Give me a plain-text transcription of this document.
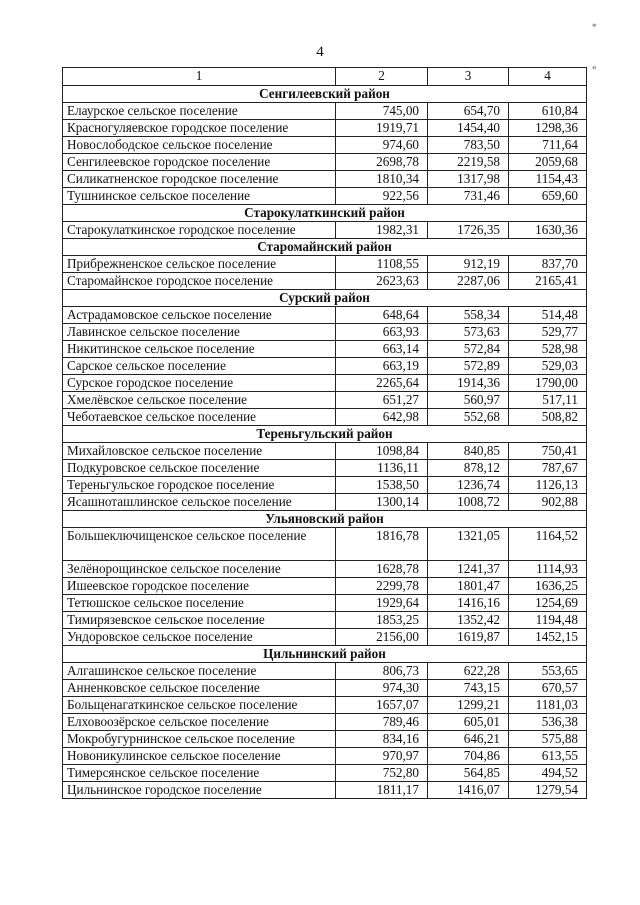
4
*
«
1	2	3	4
Сенгилеевский район			
Елаурское сельское поселение	745,00	654,70	610,84
Красногуляевское городское поселение	1919,71	1454,40	1298,36
Новослободское сельское поселение	974,60	783,50	711,64
Сенгилеевское городское поселение	2698,78	2219,58	2059,68
Силикатненское городское поселение	1810,34	1317,98	1154,43
Тушнинское сельское поселение	922,56	731,46	659,60
Старокулаткинский район			
Старокулаткинское городское поселение	1982,31	1726,35	1630,36
Старомайнский район			
Прибрежненское сельское поселение	1108,55	912,19	837,70
Старомайнское городское поселение	2623,63	2287,06	2165,41
Сурский район			
Астрадамовское сельское поселение	648,64	558,34	514,48
Лавинское сельское поселение	663,93	573,63	529,77
Никитинское сельское поселение	663,14	572,84	528,98
Сарское сельское поселение	663,19	572,89	529,03
Сурское городское поселение	2265,64	1914,36	1790,00
Хмелёвское сельское поселение	651,27	560,97	517,11
Чеботаевское сельское поселение	642,98	552,68	508,82
Тереньгульский район			
Михайловское сельское поселение	1098,84	840,85	750,41
Подкуровское сельское поселение	1136,11	878,12	787,67
Тереньгульское городское поселение	1538,50	1236,74	1126,13
Ясашноташлинское сельское поселение	1300,14	1008,72	902,88
Ульяновский район			
Большеключищенское сельское поселение	1816,78	1321,05	1164,52
Зелёнорощинское сельское поселение	1628,78	1241,37	1114,93
Ишеевское городское поселение	2299,78	1801,47	1636,25
Тетюшское сельское поселение	1929,64	1416,16	1254,69
Тимирязевское сельское поселение	1853,25	1352,42	1194,48
Ундоровское сельское поселение	2156,00	1619,87	1452,15
Цильнинский район			
Алгашинское сельское поселение	806,73	622,28	553,65
Анненковское сельское поселение	974,30	743,15	670,57
Больщенагаткинское сельское поселение	1657,07	1299,21	1181,03
Елховоозёрское сельское поселение	789,46	605,01	536,38
Мокробугурнинское сельское поселение	834,16	646,21	575,88
Новоникулинское сельское поселение	970,97	704,86	613,55
Тимерсянское сельское поселение	752,80	564,85	494,52
Цильнинское городское поселение	1811,17	1416,07	1279,54
